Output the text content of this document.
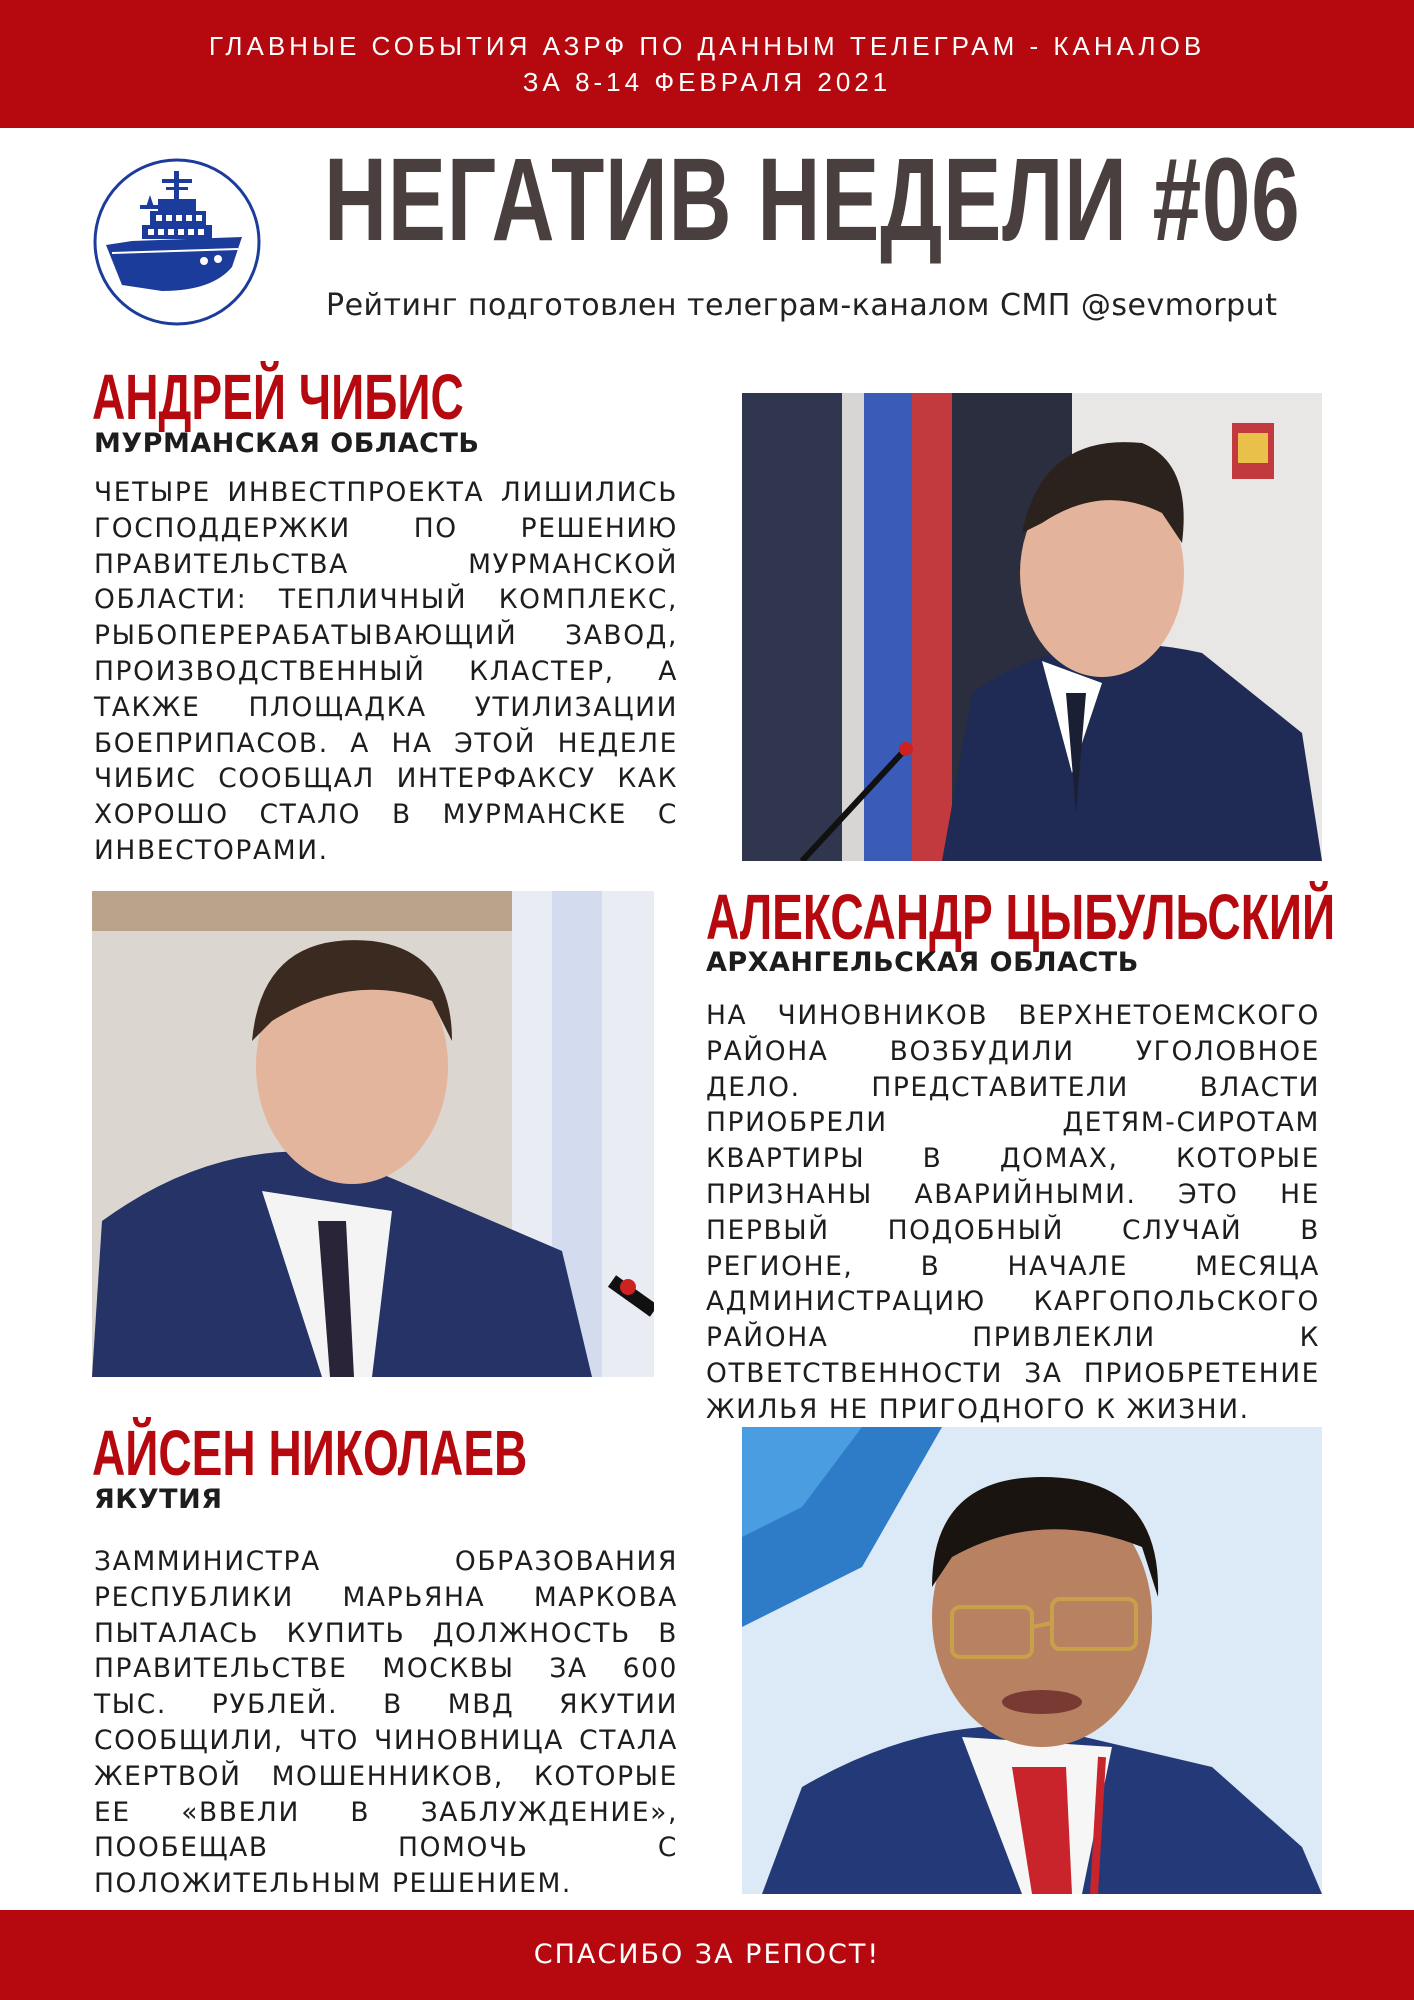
ГЛАВНЫЕ СОБЫТИЯ АЗРФ ПО ДАННЫМ ТЕЛЕГРАМ - КАНАЛОВ
ЗА 8-14 ФЕВРАЛЯ 2021
НЕГАТИВ НЕДЕЛИ #06
Рейтинг подготовлен телеграм-каналом СМП @sevmorput
АНДРЕЙ ЧИБИС
МУРМАНСКАЯ ОБЛАСТЬ

ЧЕТЫРЕ ИНВЕСТПРОЕКТА ЛИШИЛИСЬ ГОСПОДДЕРЖКИ ПО РЕШЕНИЮ ПРАВИТЕЛЬСТВА МУРМАНСКОЙ ОБЛАСТИ: ТЕПЛИЧНЫЙ КОМПЛЕКС, РЫБОПЕРЕРАБАТЫВАЮЩИЙ ЗАВОД, ПРОИЗВОДСТВЕННЫЙ КЛАСТЕР, А ТАКЖЕ ПЛОЩАДКА УТИЛИЗАЦИИ БОЕПРИПАСОВ. А НА ЭТОЙ НЕДЕЛЕ ЧИБИС СООБЩАЛ ИНТЕРФАКСУ КАК ХОРОШО СТАЛО В МУРМАНСКЕ С ИНВЕСТОРАМИ.

АЛЕКСАНДР ЦЫБУЛЬСКИЙ
АРХАНГЕЛЬСКАЯ ОБЛАСТЬ

НА ЧИНОВНИКОВ ВЕРХНЕТОЕМСКОГО РАЙОНА ВОЗБУДИЛИ УГОЛОВНОЕ ДЕЛО. ПРЕДСТАВИТЕЛИ ВЛАСТИ ПРИОБРЕЛИ ДЕТЯМ-СИРОТАМ КВАРТИРЫ В ДОМАХ, КОТОРЫЕ ПРИЗНАНЫ АВАРИЙНЫМИ. ЭТО НЕ ПЕРВЫЙ ПОДОБНЫЙ СЛУЧАЙ В РЕГИОНЕ, В НАЧАЛЕ МЕСЯЦА АДМИНИСТРАЦИЮ КАРГОПОЛЬСКОГО РАЙОНА ПРИВЛЕКЛИ К ОТВЕТСТВЕННОСТИ ЗА ПРИОБРЕТЕНИЕ ЖИЛЬЯ НЕ ПРИГОДНОГО К ЖИЗНИ.

АЙСЕН НИКОЛАЕВ
ЯКУТИЯ

ЗАММИНИСТРА ОБРАЗОВАНИЯ РЕСПУБЛИКИ МАРЬЯНА МАРКОВА ПЫТАЛАСЬ КУПИТЬ ДОЛЖНОСТЬ В ПРАВИТЕЛЬСТВЕ МОСКВЫ ЗА 600 ТЫС. РУБЛЕЙ. В МВД ЯКУТИИ СООБЩИЛИ, ЧТО ЧИНОВНИЦА СТАЛА ЖЕРТВОЙ МОШЕННИКОВ, КОТОРЫЕ ЕЕ «ВВЕЛИ В ЗАБЛУЖДЕНИЕ», ПООБЕЩАВ ПОМОЧЬ С ПОЛОЖИТЕЛЬНЫМ РЕШЕНИЕМ.

СПАСИБО ЗА РЕПОСТ!
